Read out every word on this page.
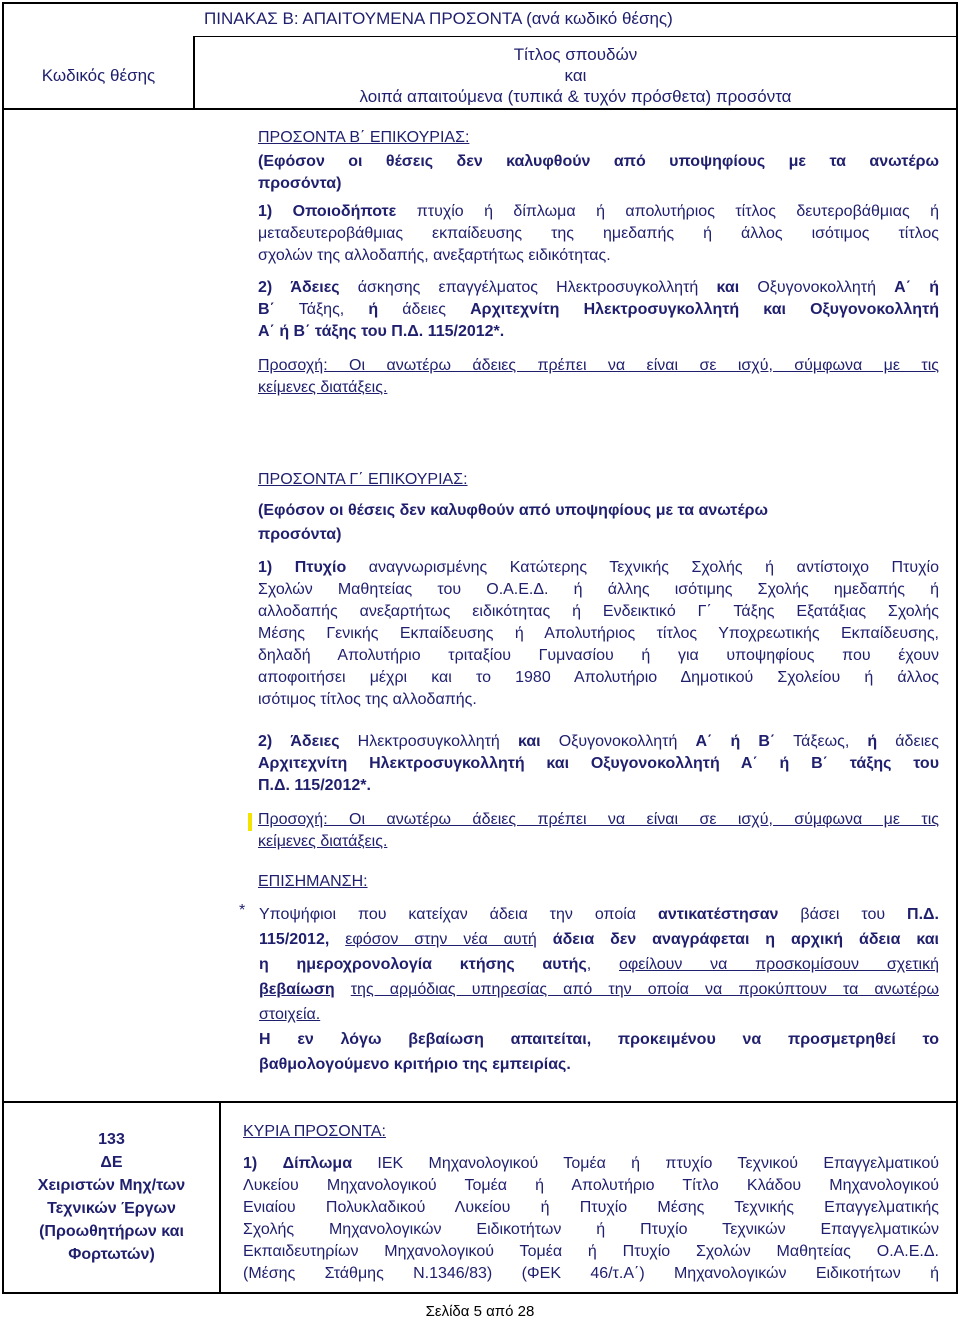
ΠΙΝΑΚΑΣ Β: ΑΠΑΙΤΟΥΜΕΝΑ ΠΡΟΣΟΝΤΑ (ανά κωδικό θέσης)
Κωδικός θέσης
Τίτλος σπουδών
και
λοιπά απαιτούμενα (τυπικά & τυχόν πρόσθετα) προσόντα
ΠΡΟΣΟΝΤΑ Β΄ ΕΠΙΚΟΥΡΙΑΣ:
(Εφόσον οι θέσεις δεν καλυφθούν από υποψηφίους με τα ανωτέρω
προσόντα)
1) Οποιοδήποτε πτυχίο ή δίπλωμα ή απολυτήριος τίτλος δευτεροβάθμιας ή
μεταδευτεροβάθμιας εκπαίδευσης της ημεδαπής ή άλλος ισότιμος τίτλος
σχολών της αλλοδαπής, ανεξαρτήτως ειδικότητας.
2) Άδειες άσκησης επαγγέλματος Ηλεκτροσυγκολλητή και Οξυγονοκολλητή Α΄ ή
Β΄ Τάξης, ή άδειες Αρχιτεχνίτη Ηλεκτροσυγκολλητή και Οξυγονοκολλητή
Α΄ ή Β΄ τάξης του Π.Δ. 115/2012*.
Προσοχή: Οι ανωτέρω άδειες πρέπει να είναι σε ισχύ, σύμφωνα με τις
κείμενες διατάξεις.
ΠΡΟΣΟΝΤΑ Γ΄ ΕΠΙΚΟΥΡΙΑΣ:
(Εφόσον οι θέσεις δεν καλυφθούν από υποψηφίους με τα ανωτέρω
προσόντα)
1) Πτυχίο αναγνωρισμένης Κατώτερης Τεχνικής Σχολής ή αντίστοιχο Πτυχίο
Σχολών Μαθητείας του Ο.Α.Ε.Δ. ή άλλης ισότιμης Σχολής ημεδαπής ή
αλλοδαπής ανεξαρτήτως ειδικότητας ή Ενδεικτικό Γ΄ Τάξης Εξατάξιας Σχολής
Μέσης Γενικής Εκπαίδευσης ή Απολυτήριος τίτλος Υποχρεωτικής Εκπαίδευσης,
δηλαδή Απολυτήριο τριταξίου Γυμνασίου ή για υποψηφίους που έχουν
αποφοιτήσει μέχρι και το 1980 Απολυτήριο Δημοτικού Σχολείου ή άλλος
ισότιμος τίτλος της αλλοδαπής.
2) Άδειες Ηλεκτροσυγκολλητή και Οξυγονοκολλητή Α΄ ή Β΄ Τάξεως, ή άδειες
Αρχιτεχνίτη Ηλεκτροσυγκολλητή και Οξυγονοκολλητή Α΄ ή Β΄ τάξης του
Π.Δ. 115/2012*.
Προσοχή: Οι ανωτέρω άδειες πρέπει να είναι σε ισχύ, σύμφωνα με τις
κείμενες διατάξεις.
ΕΠΙΣΗΜΑΝΣΗ:
* Υποψήφιοι που κατείχαν άδεια την οποία αντικατέστησαν βάσει του Π.Δ.
115/2012, εφόσον στην νέα αυτή άδεια δεν αναγράφεται η αρχική άδεια και
η ημεροχρονολογία κτήσης αυτής, οφείλουν να προσκομίσουν σχετική
βεβαίωση της αρμόδιας υπηρεσίας από την οποία να προκύπτουν τα ανωτέρω
στοιχεία.
Η εν λόγω βεβαίωση απαιτείται, προκειμένου να προσμετρηθεί το
βαθμολογούμενο κριτήριο της εμπειρίας.
133
ΔΕ
Χειριστών Μηχ/των
Τεχνικών Έργων
(Προωθητήρων και
Φορτωτών)
ΚΥΡΙΑ ΠΡΟΣΟΝΤΑ:
1) Δίπλωμα ΙΕΚ Μηχανολογικού Τομέα ή πτυχίο Τεχνικού Επαγγελματικού
Λυκείου Μηχανολογικού Τομέα ή Απολυτήριο Τίτλο Κλάδου Μηχανολογικού
Ενιαίου Πολυκλαδικού Λυκείου ή Πτυχίο Μέσης Τεχνικής Επαγγελματικής
Σχολής Μηχανολογικών Ειδικοτήτων ή Πτυχίο Τεχνικών Επαγγελματικών
Εκπαιδευτηρίων Μηχανολογικού Τομέα ή Πτυχίο Σχολών Μαθητείας Ο.Α.Ε.Δ.
(Μέσης Στάθμης Ν.1346/83) (ΦΕΚ 46/τ.Α΄) Μηχανολογικών Ειδικοτήτων ή
Σελίδα 5 από 28
